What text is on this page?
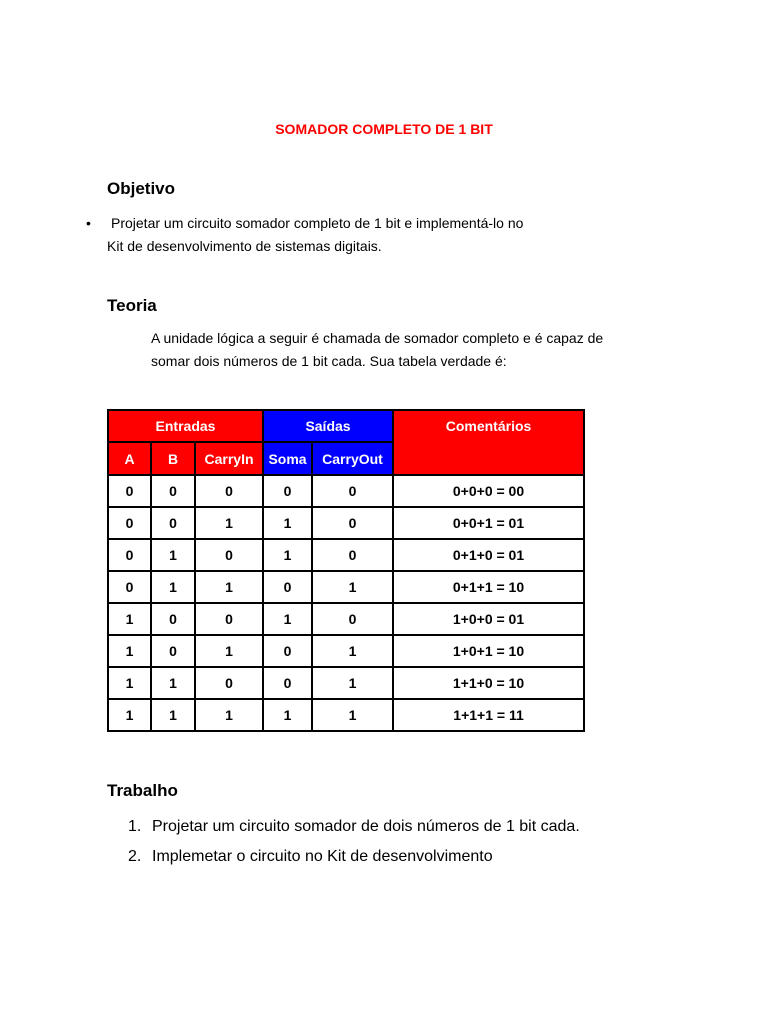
SOMADOR COMPLETO DE 1 BIT
Objetivo
• Projetar um circuito somador completo de 1 bit e implementá-lo no
Kit de desenvolvimento de sistemas digitais.
Teoria
A unidade lógica a seguir é chamada de somador completo e é capaz de
somar dois números de 1 bit cada. Sua tabela verdade é:
Entradas			Saídas		Comentários
A	B	CarryIn	Soma	CarryOut	
0	0	0	0	0	0+0+0 = 00
0	0	1	1	0	0+0+1 = 01
0	1	0	1	0	0+1+0 = 01
0	1	1	0	1	0+1+1 = 10
1	0	0	1	0	1+0+0 = 01
1	0	1	0	1	1+0+1 = 10
1	1	0	0	1	1+1+0 = 10
1	1	1	1	1	1+1+1 = 11
Trabalho
1. Projetar um circuito somador de dois números de 1 bit cada.
2. Implemetar o circuito no Kit de desenvolvimento
